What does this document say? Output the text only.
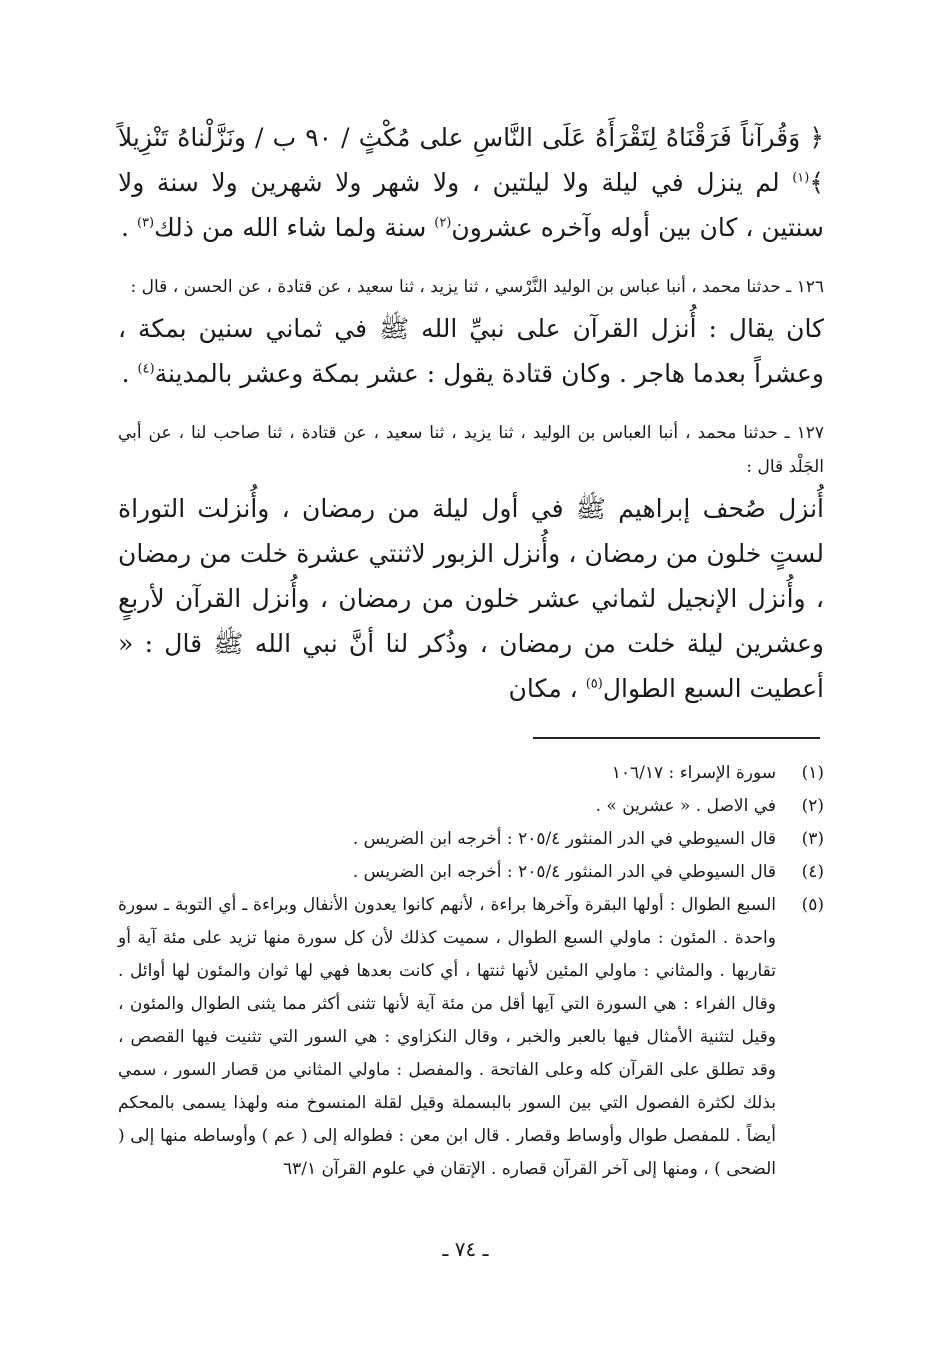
﴿ وَقُرآناً فَرَقْنَاهُ لِتَقْرَأَهُ عَلَى النَّاسِ على مُكْثٍ / ٩٠ ب / ونَزَّلْناهُ تَنْزِيلاً ﴾$^{(١)}$ لم ينزل في ليلة ولا ليلتين ، ولا شهر ولا شهرين ولا سنة ولا سنتين ، كان بين أوله وآخره عشرون$^{(٢)}$ سنة ولما شاء الله من ذلك$^{(٣)}$ .

١٢٦ ـ حدثنا محمد ، أنبا عباس بن الوليد النَّرْسي ، ثنا يزيد ، ثنا سعيد ، عن قتادة ، عن الحسن ، قال :

كان يقال : أُنزل القرآن على نبيِّ الله ﷺ في ثماني سنين بمكة ، وعشراً بعدما هاجر . وكان قتادة يقول : عشر بمكة وعشر بالمدينة$^{(٤)}$ .

١٢٧ ـ حدثنا محمد ، أنبا العباس بن الوليد ، ثنا يزيد ، ثنا سعيد ، عن قتادة ، ثنا صاحب لنا ، عن أبي الجَلْد قال :

أُنزل صُحف إبراهيم ﷺ في أول ليلة من رمضان ، وأُنزلت التوراة لستٍ خلون من رمضان ، وأُنزل الزبور لاثنتي عشرة خلت من رمضان ، وأُنزل الإنجيل لثماني عشر خلون من رمضان ، وأُنزل القرآن لأربعٍ وعشرين ليلة خلت من رمضان ، وذُكر لنا أنَّ نبي الله ﷺ قال : « أعطيت السبع الطوال$^{(٥)}$ ، مكان

(١)
سورة الإسراء : ١٠٦/١٧
(٢)
في الاصل . « عشرين » .
(٣)
قال السيوطي في الدر المنثور ٢٠٥/٤ : أخرجه ابن الضريس .
(٤)
قال السيوطي في الدر المنثور ٢٠٥/٤ : أخرجه ابن الضريس .
(٥)
السبع الطوال : أولها البقرة وآخرها براءة ، لأنهم كانوا يعدون الأنفال وبراءة ـ أي التوبة ـ سورة واحدة . المئون : ماولي السبع الطوال ، سميت كذلك لأن كل سورة منها تزيد على مئة آية أو تقاربها . والمثاني : ماولي المئين لأنها ثنتها ، أي كانت بعدها فهي لها ثوان والمئون لها أوائل . وقال الفراء : هي السورة التي آيها أقل من مئة آية لأنها تثنى أكثر مما يثنى الطوال والمئون ، وقيل لتثنية الأمثال فيها بالعبر والخبر ، وقال النكزاوي : هي السور التي تثنيت فيها القصص ، وقد تطلق على القرآن كله وعلى الفاتحة . والمفصل : ماولي المثاني من قصار السور ، سمي بذلك لكثرة الفصول التي بين السور بالبسملة وقيل لقلة المنسوخ منه ولهذا يسمى بالمحكم أيضاً . للمفصل طوال وأوساط وقصار . قال ابن معن : فطواله إلى ( عم ) وأوساطه منها إلى ( الضحى ) ، ومنها إلى آخر القرآن قصاره . الإتقان في علوم القرآن ٦٣/١
ـ ٧٤ ـ
